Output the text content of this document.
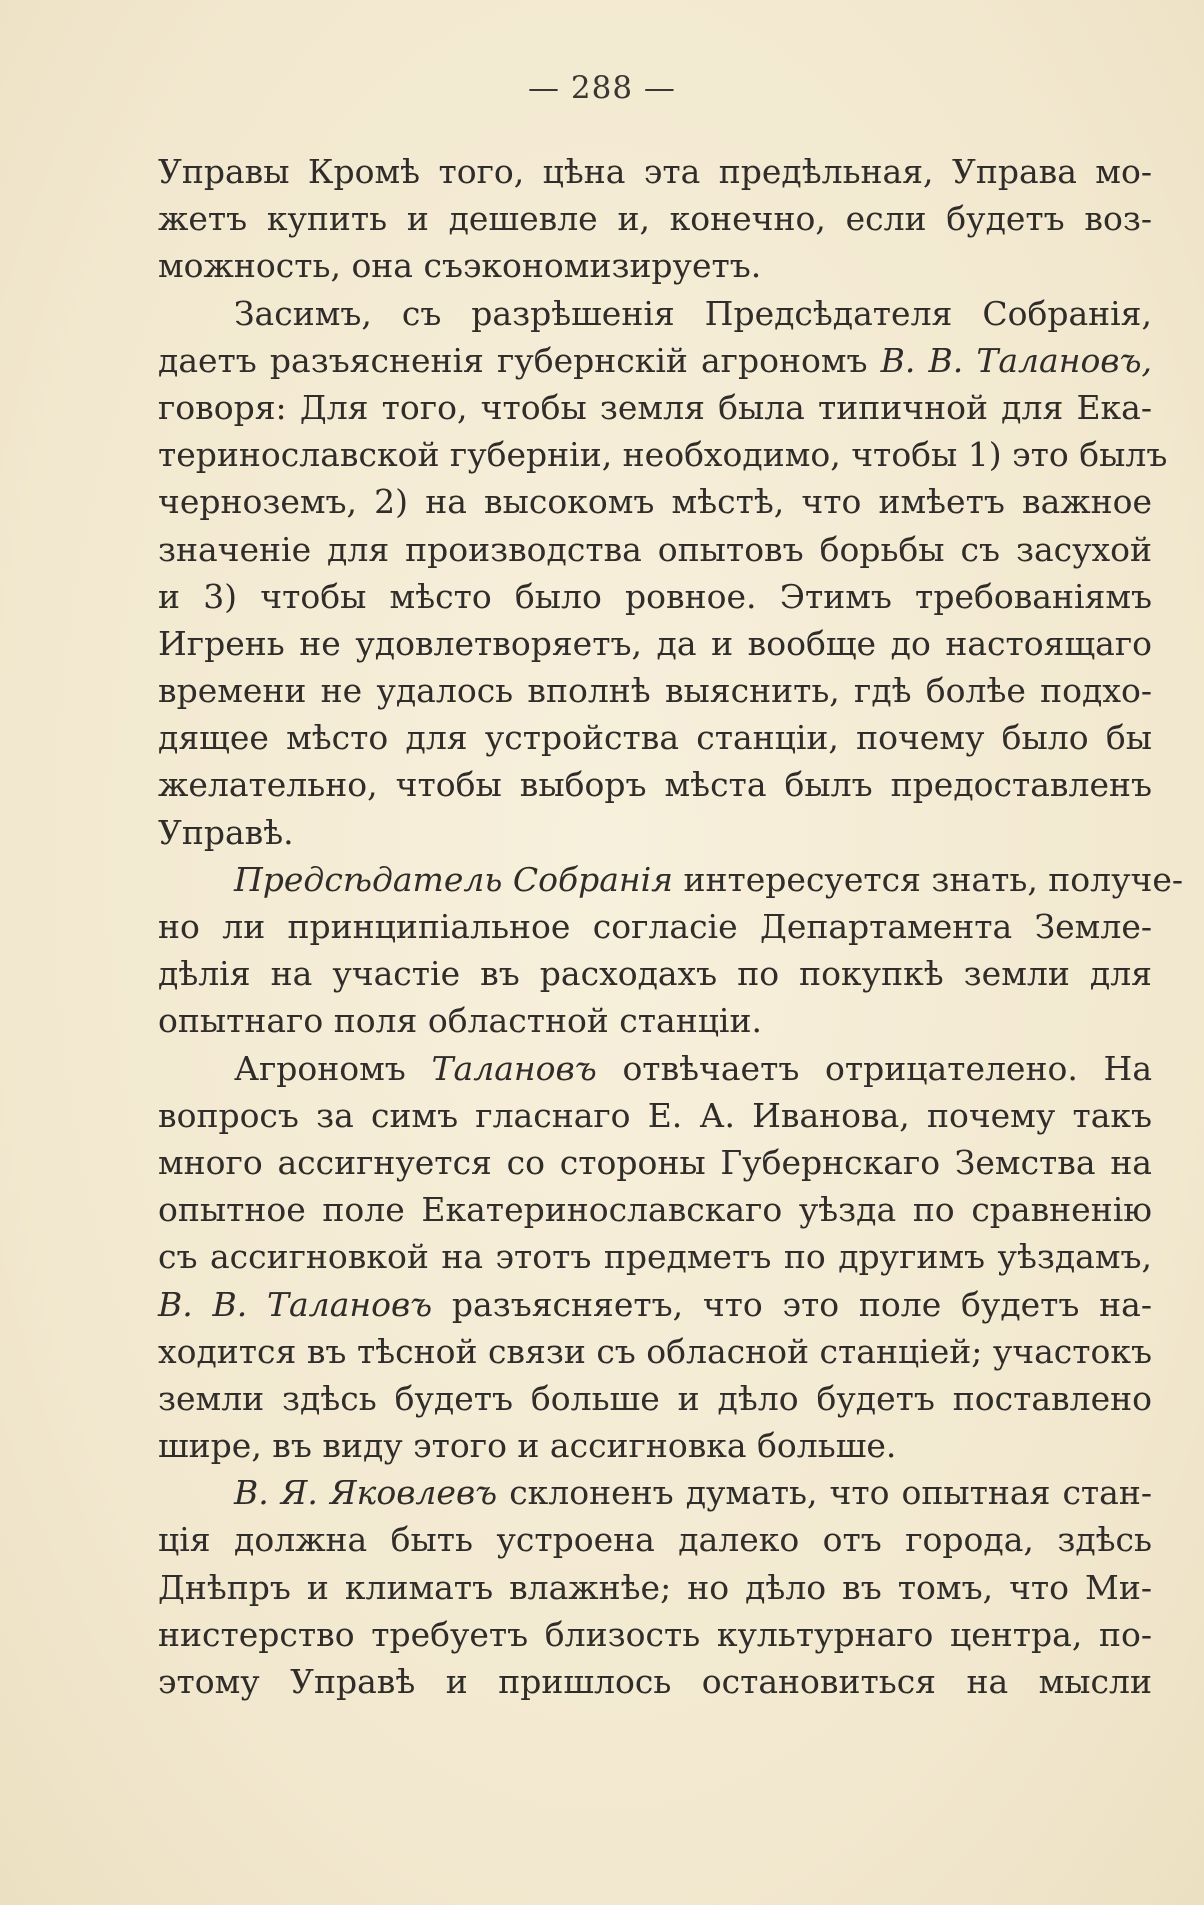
— 288 —
Управы Кромѣ того, цѣна эта предѣльная, Управа мо-
жетъ купить и дешевле и, конечно, если будетъ воз-
можность, она съэкономизируетъ.
Засимъ, съ разрѣшенія Предсѣдателя Собранія,
даетъ разъясненія губернскій агрономъ В. В. Талановъ,
говоря: Для того, чтобы земля была типичной для Ека-
теринославской губерніи, необходимо, чтобы 1) это былъ
черноземъ, 2) на высокомъ мѣстѣ, что имѣетъ важное
значеніе для производства опытовъ борьбы съ засухой
и 3) чтобы мѣсто было ровное. Этимъ требованіямъ
Игрень не удовлетворяетъ, да и вообще до настоящаго
времени не удалось вполнѣ выяснить, гдѣ болѣе подхо-
дящее мѣсто для устройства станціи, почему было бы
желательно, чтобы выборъ мѣста былъ предоставленъ
Управѣ.
Предсѣдатель Собранія интересуется знать, получе-
но ли принципіальное согласіе Департамента Земле-
дѣлія на участіе въ расходахъ по покупкѣ земли для
опытнаго поля областной станціи.
Агрономъ Талановъ отвѣчаетъ отрицателено. На
вопросъ за симъ гласнаго Е. А. Иванова, почему такъ
много ассигнуется со стороны Губернскаго Земства на
опытное поле Екатеринославскаго уѣзда по сравненію
съ ассигновкой на этотъ предметъ по другимъ уѣздамъ,
В. В. Талановъ разъясняетъ, что это поле будетъ на-
ходится въ тѣсной связи съ обласной станціей; участокъ
земли здѣсь будетъ больше и дѣло будетъ поставлено
шире, въ виду этого и ассигновка больше.
В. Я. Яковлевъ склоненъ думать, что опытная стан-
ція должна быть устроена далеко отъ города, здѣсь
Днѣпръ и климатъ влажнѣе; но дѣло въ томъ, что Ми-
нистерство требуетъ близость культурнаго центра, по-
этому Управѣ и пришлось остановиться на мысли
